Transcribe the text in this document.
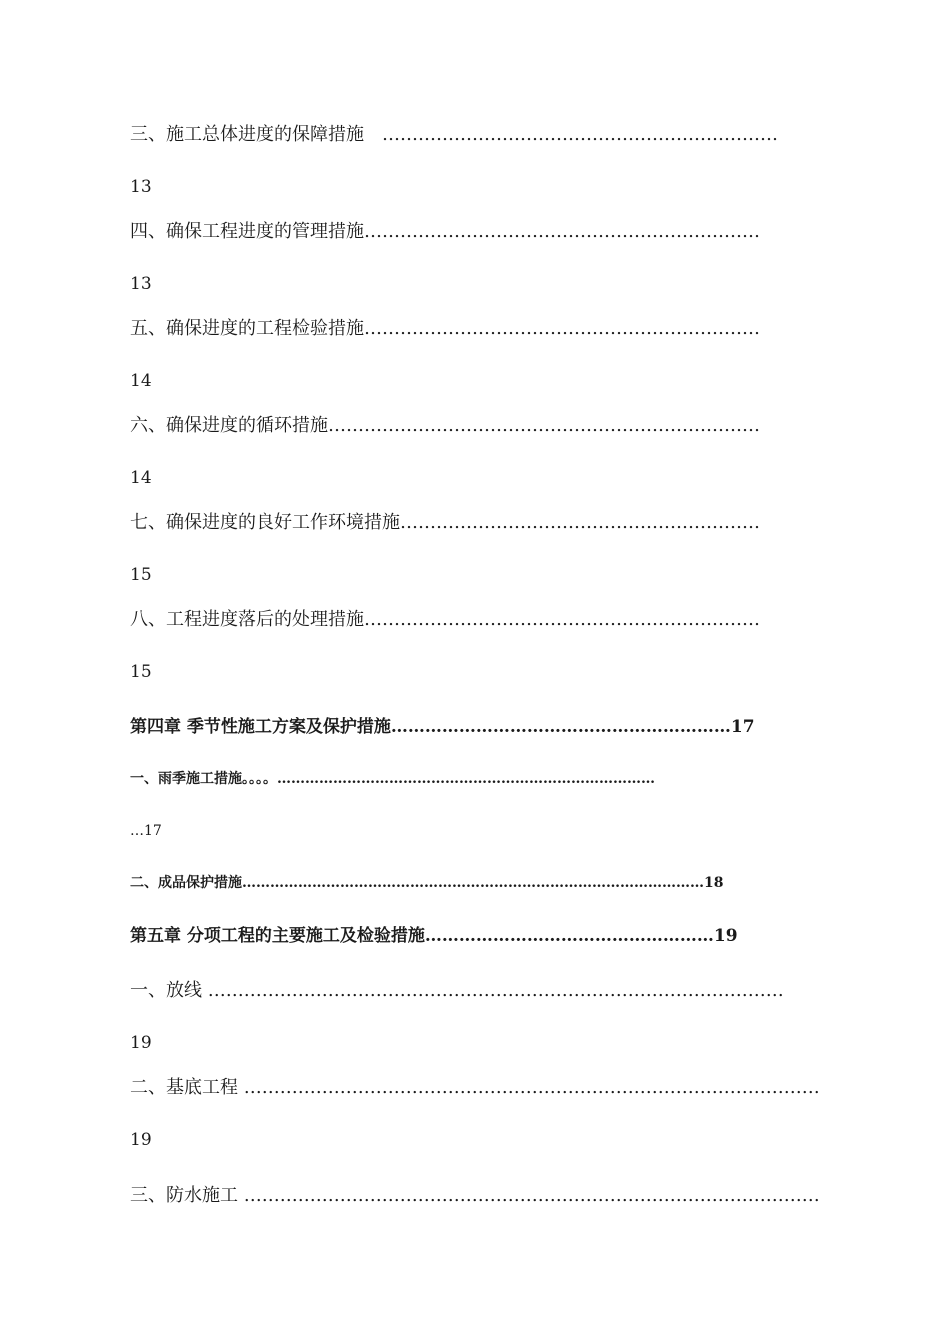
三、施工总体进度的保障措施　…………………………………………………………
13
四、确保工程进度的管理措施…………………………………………………………
13
五、确保进度的工程检验措施…………………………………………………………
14
六、确保进度的循环措施………………………………………………………………
14
七、确保进度的良好工作环境措施……………………………………………………
15
八、工程进度落后的处理措施…………………………………………………………
15
第四章 季节性施工方案及保护措施……………………………………………………17
一、雨季施工措施。。。。………………………………………………………………………
…17
二、成品保护措施………………………………………………………………………………………18
第五章 分项工程的主要施工及检验措施……………………………………………19
一、放线 ……………………………………………………………………………………
19
二、基底工程 ……………………………………………………………………………………
19
三、防水施工 ……………………………………………………………………………………
